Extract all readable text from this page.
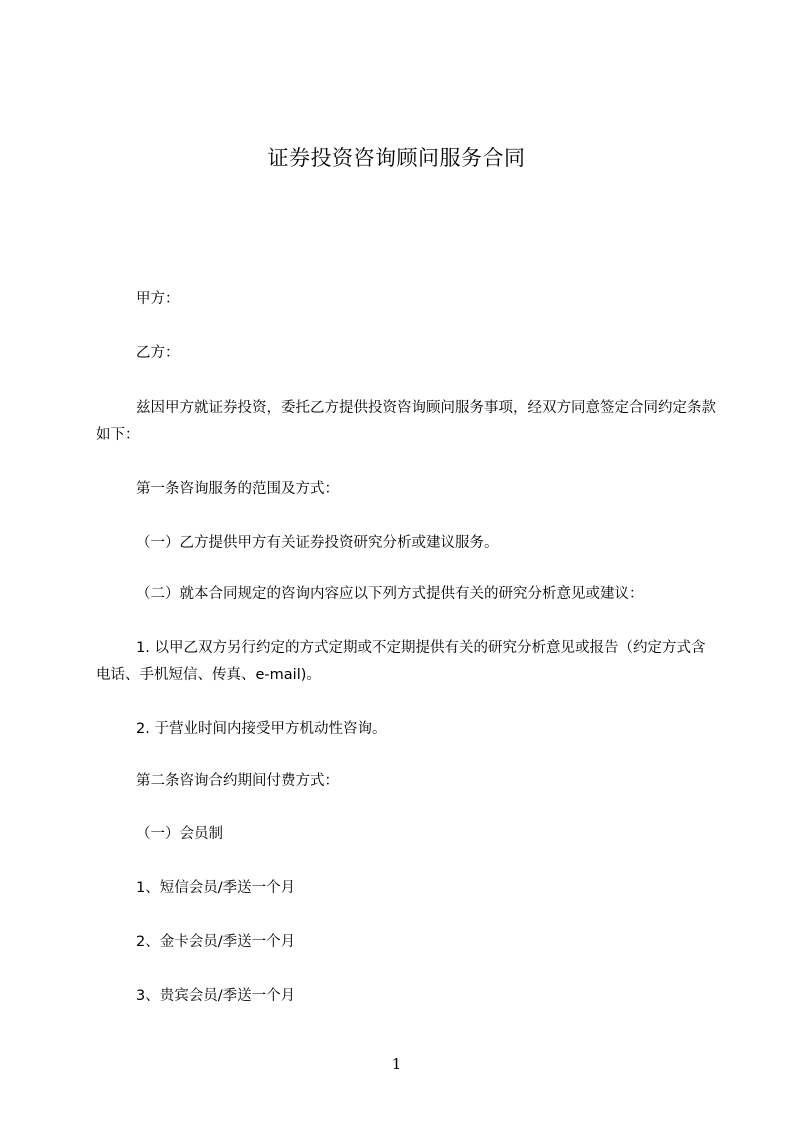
证券投资咨询顾问服务合同
甲方：
乙方：
兹因甲方就证券投资，委托乙方提供投资咨询顾问服务事项，经双方同意签定合同约定条款如下：
第一条咨询服务的范围及方式：
（一）乙方提供甲方有关证券投资研究分析或建议服务。
（二）就本合同规定的咨询内容应以下列方式提供有关的研究分析意见或建议：
1. 以甲乙双方另行约定的方式定期或不定期提供有关的研究分析意见或报告（约定方式含电话、手机短信、传真、e-mail)。
2. 于营业时间内接受甲方机动性咨询。
第二条咨询合约期间付费方式：
（一）会员制
1、短信会员/季送一个月
2、金卡会员/季送一个月
3、贵宾会员/季送一个月
1
